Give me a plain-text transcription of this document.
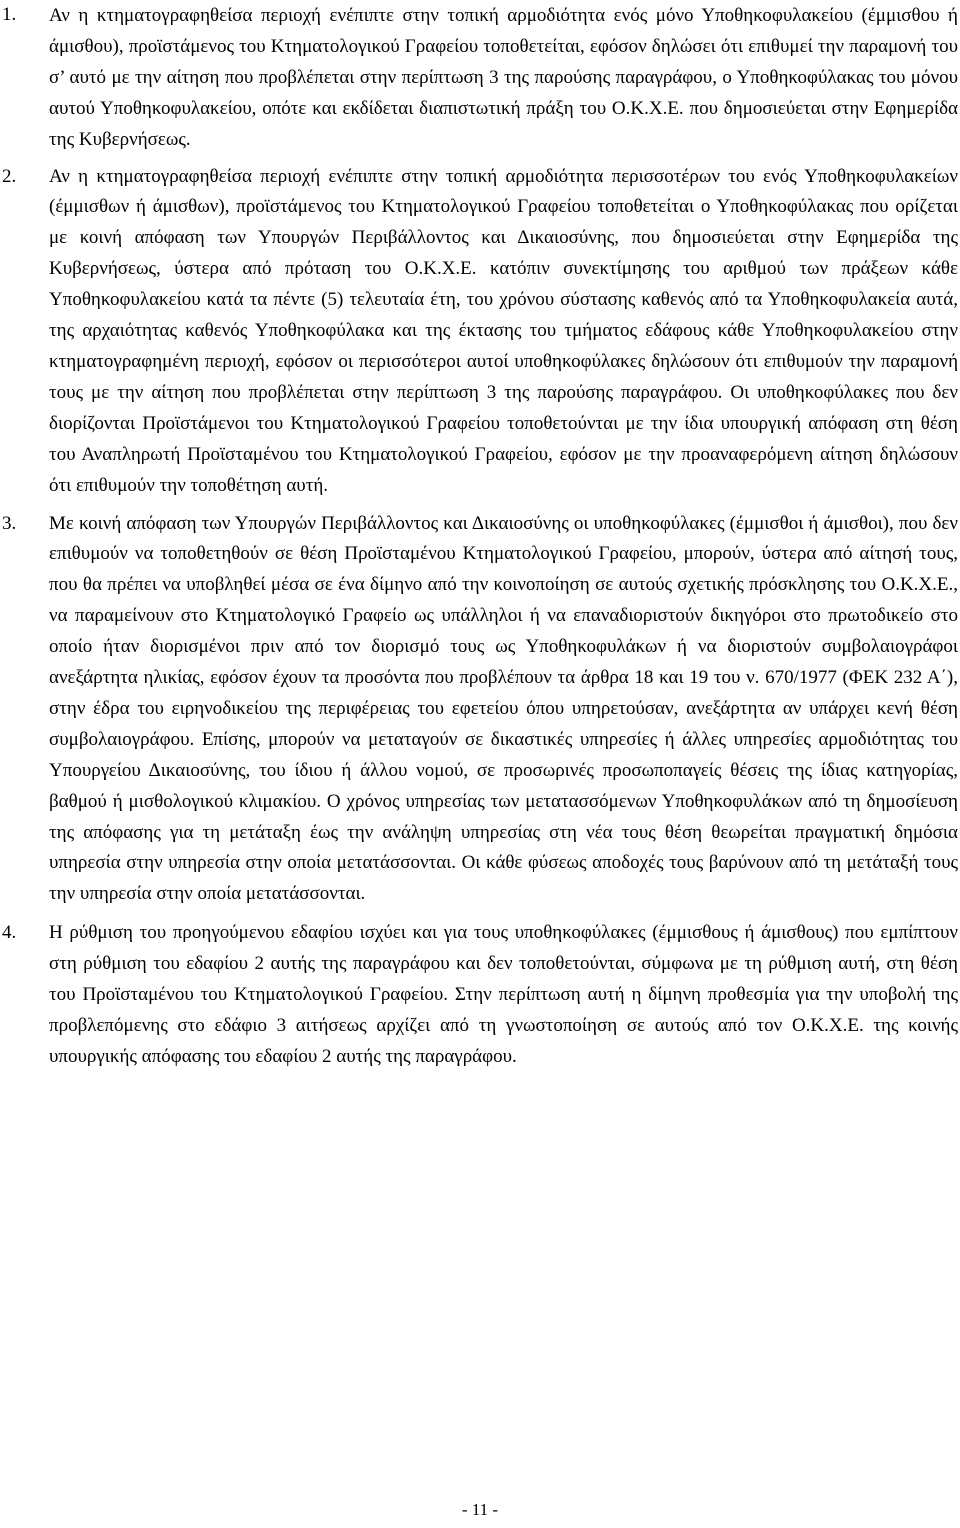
1. Αν η κτηματογραφηθείσα περιοχή ενέπιπτε στην τοπική αρμοδιότητα ενός μόνο Υποθηκοφυλακείου (έμμισθου ή άμισθου), προϊστάμενος του Κτηματολογικού Γραφείου τοποθετείται, εφόσον δηλώσει ότι επιθυμεί την παραμονή του σ’ αυτό με την αίτηση που προβλέπεται στην περίπτωση 3 της παρούσης παραγράφου, ο Υποθηκοφύλακας του μόνου αυτού Υποθηκοφυλακείου, οπότε και εκδίδεται διαπιστωτική πράξη του Ο.Κ.Χ.Ε. που δημοσιεύεται στην Εφημερίδα της Κυβερνήσεως.
2. Αν η κτηματογραφηθείσα περιοχή ενέπιπτε στην τοπική αρμοδιότητα περισσοτέρων του ενός Υποθηκοφυλακείων (έμμισθων ή άμισθων), προϊστάμενος του Κτηματολογικού Γραφείου τοποθετείται ο Υποθηκοφύλακας που ορίζεται με κοινή απόφαση των Υπουργών Περιβάλλοντος και Δικαιοσύνης, που δημοσιεύεται στην Εφημερίδα της Κυβερνήσεως, ύστερα από πρόταση του Ο.Κ.Χ.Ε. κατόπιν συνεκτίμησης του αριθμού των πράξεων κάθε Υποθηκοφυλακείου κατά τα πέντε (5) τελευταία έτη, του χρόνου σύστασης καθενός από τα Υποθηκοφυλακεία αυτά, της αρχαιότητας καθενός Υποθηκοφύλακα και της έκτασης του τμήματος εδάφους κάθε Υποθηκοφυλακείου στην κτηματογραφημένη περιοχή, εφόσον οι περισσότεροι αυτοί υποθηκοφύλακες δηλώσουν ότι επιθυμούν την παραμονή τους με την αίτηση που προβλέπεται στην περίπτωση 3 της παρούσης παραγράφου. Οι υποθηκοφύλακες που δεν διορίζονται Προϊστάμενοι του Κτηματολογικού Γραφείου τοποθετούνται με την ίδια υπουργική απόφαση στη θέση του Αναπληρωτή Προϊσταμένου του Κτηματολογικού Γραφείου, εφόσον με την προαναφερόμενη αίτηση δηλώσουν ότι επιθυμούν την τοποθέτηση αυτή.
3. Με κοινή απόφαση των Υπουργών Περιβάλλοντος και Δικαιοσύνης οι υποθηκοφύλακες (έμμισθοι ή άμισθοι), που δεν επιθυμούν να τοποθετηθούν σε θέση Προϊσταμένου Κτηματολογικού Γραφείου, μπορούν, ύστερα από αίτησή τους, που θα πρέπει να υποβληθεί μέσα σε ένα δίμηνο από την κοινοποίηση σε αυτούς σχετικής πρόσκλησης του Ο.Κ.Χ.Ε., να παραμείνουν στο Κτηματολογικό Γραφείο ως υπάλληλοι ή να επαναδιοριστούν δικηγόροι στο πρωτοδικείο στο οποίο ήταν διορισμένοι πριν από τον διορισμό τους ως Υποθηκοφυλάκων ή να διοριστούν συμβολαιογράφοι ανεξάρτητα ηλικίας, εφόσον έχουν τα προσόντα που προβλέπουν τα άρθρα 18 και 19 του ν. 670/1977 (ΦΕΚ 232 Α΄), στην έδρα του ειρηνοδικείου της περιφέρειας του εφετείου όπου υπηρετούσαν, ανεξάρτητα αν υπάρχει κενή θέση συμβολαιογράφου. Επίσης, μπορούν να μεταταγούν σε δικαστικές υπηρεσίες ή άλλες υπηρεσίες αρμοδιότητας του Υπουργείου Δικαιοσύνης, του ίδιου ή άλλου νομού, σε προσωρινές προσωποπαγείς θέσεις της ίδιας κατηγορίας, βαθμού ή μισθολογικού κλιμακίου. Ο χρόνος υπηρεσίας των μετατασσόμενων Υποθηκοφυλάκων από τη δημοσίευση της απόφασης για τη μετάταξη έως την ανάληψη υπηρεσίας στη νέα τους θέση θεωρείται πραγματική δημόσια υπηρεσία στην υπηρεσία στην οποία μετατάσσονται. Οι κάθε φύσεως αποδοχές τους βαρύνουν από τη μετάταξή τους την υπηρεσία στην οποία μετατάσσονται.
4. Η ρύθμιση του προηγούμενου εδαφίου ισχύει και για τους υποθηκοφύλακες (έμμισθους ή άμισθους) που εμπίπτουν στη ρύθμιση του εδαφίου 2 αυτής της παραγράφου και δεν τοποθετούνται, σύμφωνα με τη ρύθμιση αυτή, στη θέση του Προϊσταμένου του Κτηματολογικού Γραφείου. Στην περίπτωση αυτή η δίμηνη προθεσμία για την υποβολή της προβλεπόμενης στο εδάφιο 3 αιτήσεως αρχίζει από τη γνωστοποίηση σε αυτούς από τον Ο.Κ.Χ.Ε. της κοινής υπουργικής απόφασης του εδαφίου 2 αυτής της παραγράφου.
- 11 -
